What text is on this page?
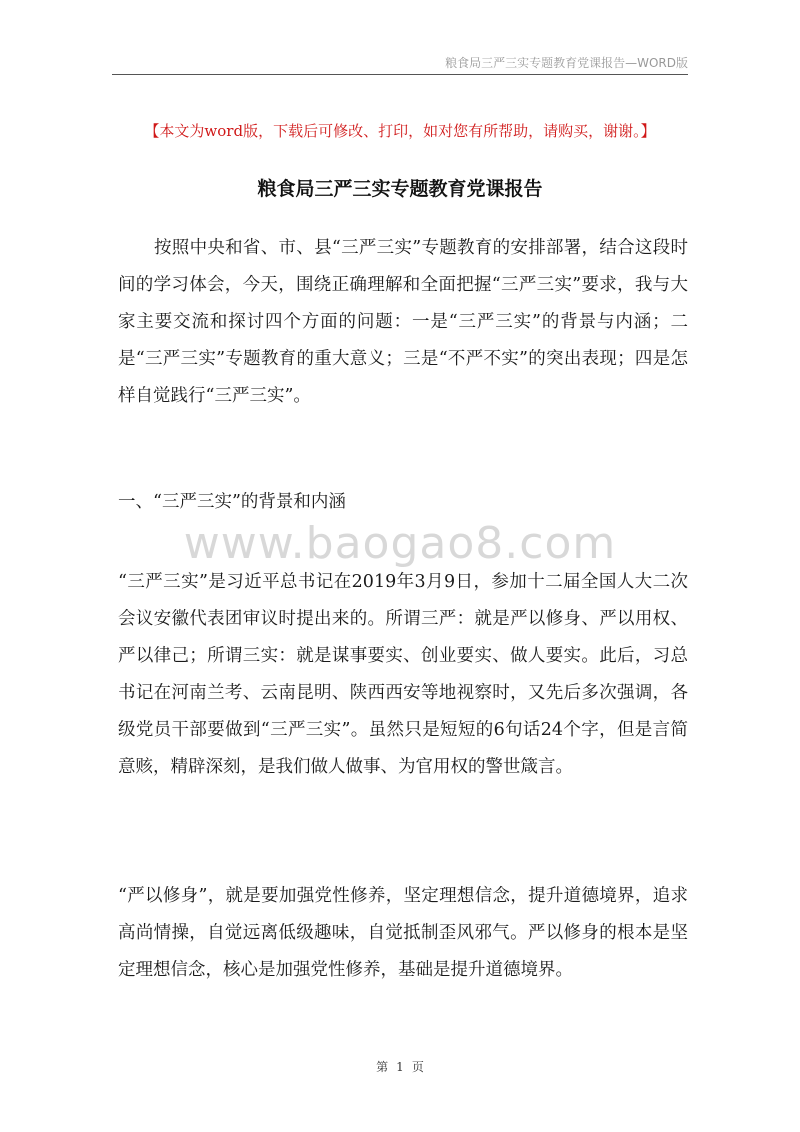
粮食局三严三实专题教育党课报告—WORD版
【本文为word版，下载后可修改、打印，如对您有所帮助，请购买，谢谢。】
粮食局三严三实专题教育党课报告

按照中央和省、市、县“三严三实”专题教育的安排部署，结合这段时间的学习体会，今天，围绕正确理解和全面把握“三严三实”要求，我与大家主要交流和探讨四个方面的问题：一是“三严三实”的背景与内涵；二是“三严三实”专题教育的重大意义；三是“不严不实”的突出表现；四是怎样自觉践行“三严三实”。

一、“三严三实”的背景和内涵

www.baogao8.com

“三严三实”是习近平总书记在2019年3月9日，参加十二届全国人大二次会议安徽代表团审议时提出来的。所谓三严：就是严以修身、严以用权、严以律己；所谓三实：就是谋事要实、创业要实、做人要实。此后，习总书记在河南兰考、云南昆明、陕西西安等地视察时，又先后多次强调，各级党员干部要做到“三严三实”。虽然只是短短的6句话24个字，但是言简意赅，精辟深刻，是我们做人做事、为官用权的警世箴言。

“严以修身”，就是要加强党性修养，坚定理想信念，提升道德境界，追求高尚情操，自觉远离低级趣味，自觉抵制歪风邪气。严以修身的根本是坚定理想信念，核心是加强党性修养，基础是提升道德境界。

第 1 页
